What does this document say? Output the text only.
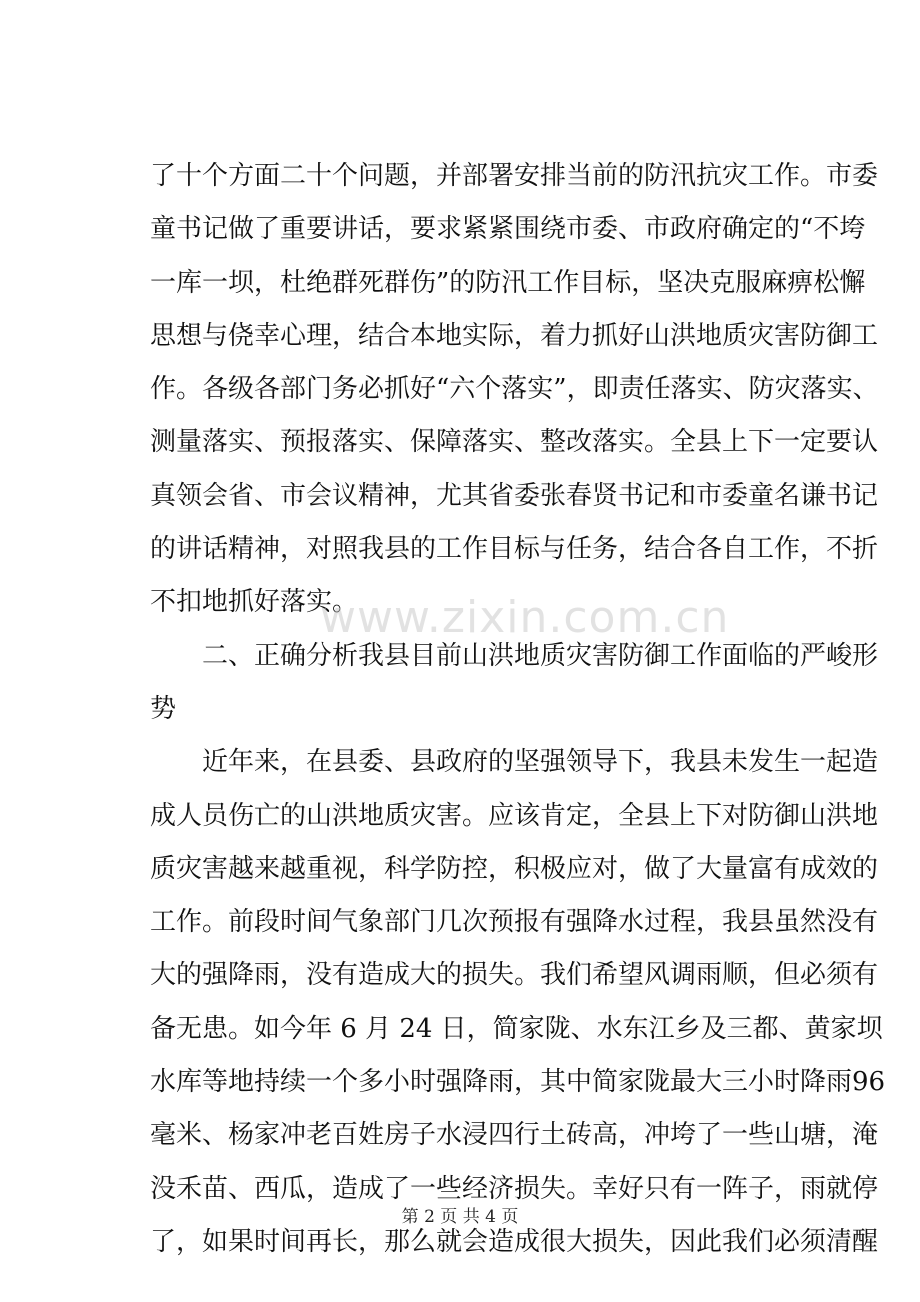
了十个方面二十个问题，并部署安排当前的防汛抗灾工作。市委
童书记做了重要讲话，要求紧紧围绕市委、市政府确定的“不垮
一库一坝，杜绝群死群伤”的防汛工作目标，坚决克服麻痹松懈
思想与侥幸心理，结合本地实际，着力抓好山洪地质灾害防御工
作。各级各部门务必抓好“六个落实”，即责任落实、防灾落实、
测量落实、预报落实、保障落实、整改落实。全县上下一定要认
真领会省、市会议精神，尤其省委张春贤书记和市委童名谦书记
的讲话精神，对照我县的工作目标与任务，结合各自工作，不折
不扣地抓好落实。
　　二、正确分析我县目前山洪地质灾害防御工作面临的严峻形
势
　　近年来，在县委、县政府的坚强领导下，我县未发生一起造
成人员伤亡的山洪地质灾害。应该肯定，全县上下对防御山洪地
质灾害越来越重视，科学防控，积极应对，做了大量富有成效的
工作。前段时间气象部门几次预报有强降水过程，我县虽然没有
大的强降雨，没有造成大的损失。我们希望风调雨顺，但必须有
备无患。如今年 6 月 24 日，简家陇、水东江乡及三都、黄家坝
水库等地持续一个多小时强降雨，其中简家陇最大三小时降雨96
毫米、杨家冲老百姓房子水浸四行土砖高，冲垮了一些山塘，淹
没禾苗、西瓜，造成了一些经济损失。幸好只有一阵子，雨就停
了，如果时间再长，那么就会造成很大损失，因此我们必须清醒
www.zixin.com.cn
第 2 页 共 4 页
